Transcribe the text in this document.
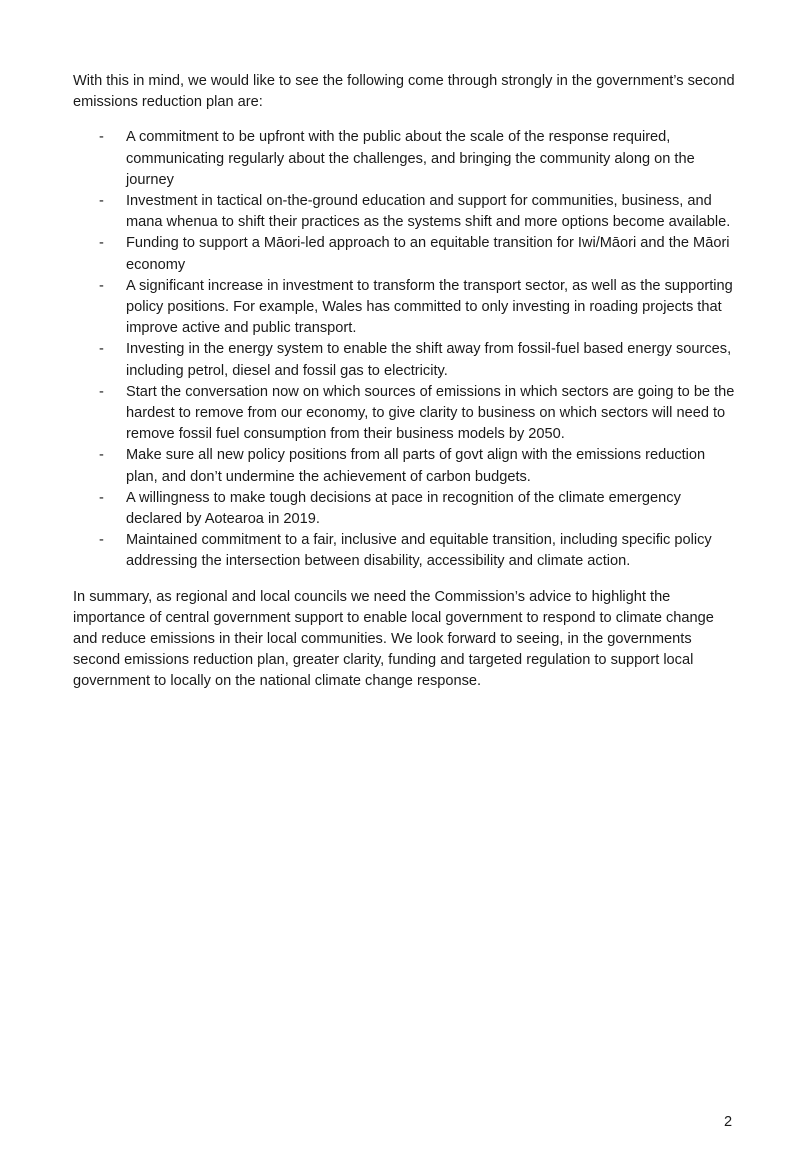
With this in mind, we would like to see the following come through strongly in the government’s second emissions reduction plan are:

- A commitment to be upfront with the public about the scale of the response required, communicating regularly about the challenges, and bringing the community along on the journey
- Investment in tactical on-the-ground education and support for communities, business, and mana whenua to shift their practices as the systems shift and more options become available.
- Funding to support a Māori-led approach to an equitable transition for Iwi/Māori and the Māori economy
- A significant increase in investment to transform the transport sector, as well as the supporting policy positions. For example, Wales has committed to only investing in roading projects that improve active and public transport.
- Investing in the energy system to enable the shift away from fossil-fuel based energy sources, including petrol, diesel and fossil gas to electricity.
- Start the conversation now on which sources of emissions in which sectors are going to be the hardest to remove from our economy, to give clarity to business on which sectors will need to remove fossil fuel consumption from their business models by 2050.
- Make sure all new policy positions from all parts of govt align with the emissions reduction plan, and don’t undermine the achievement of carbon budgets.
- A willingness to make tough decisions at pace in recognition of the climate emergency declared by Aotearoa in 2019.
- Maintained commitment to a fair, inclusive and equitable transition, including specific policy addressing the intersection between disability, accessibility and climate action.

In summary, as regional and local councils we need the Commission’s advice to highlight the importance of central government support to enable local government to respond to climate change and reduce emissions in their local communities. We look forward to seeing, in the governments second emissions reduction plan, greater clarity, funding and targeted regulation to support local government to locally on the national climate change response.

2
